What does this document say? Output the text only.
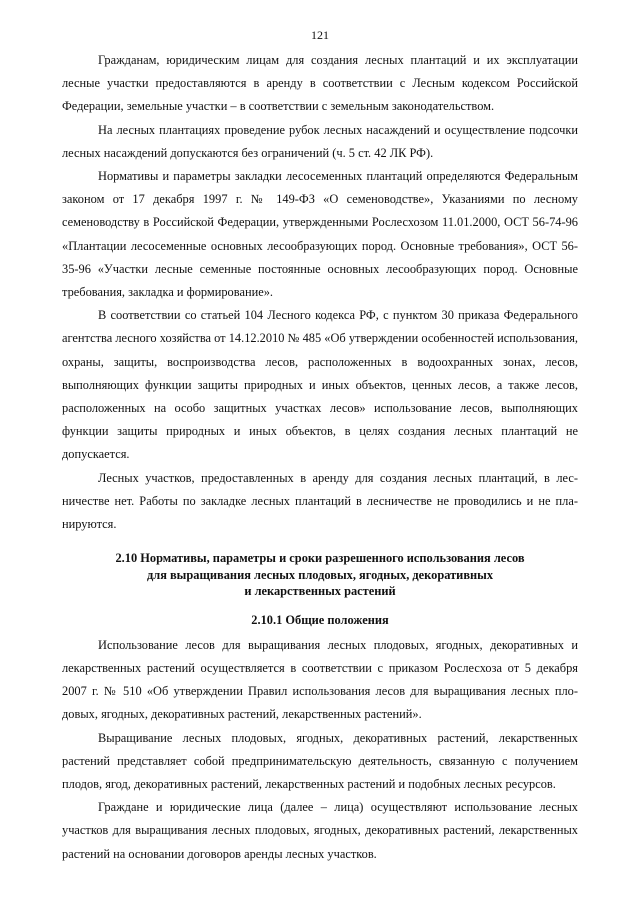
121

Гражданам, юридическим лицам для создания лесных плантаций и их эксплуатации лесные участки предоставляются в аренду в соответствии с Лесным кодексом Российской Федерации, земельные участки – в соответствии с земельным законодательством.

На лесных плантациях проведение рубок лесных насаждений и осуществление подсочки лесных насаждений допускаются без ограничений (ч. 5 ст. 42 ЛК РФ).

Нормативы и параметры закладки лесосеменных плантаций определяются Федеральным законом от 17 декабря 1997 г. № 149-ФЗ «О семеноводстве», Указаниями по лесному семеноводству в Российской Федерации, утвержденными Рослесхозом 11.01.2000, ОСТ 56-74-96 «Плантации лесосеменные основных лесообразующих пород. Основные требования», ОСТ 56-35-96 «Участки лесные семенные постоянные основных лесообразующих пород. Основные требования, закладка и формирование».

В соответствии со статьей 104 Лесного кодекса РФ, с пунктом 30 приказа Федерального агентства лесного хозяйства от 14.12.2010 № 485 «Об утверждении особенностей использования, охраны, защиты, воспроизводства лесов, расположенных в водоохранных зонах, лесов, выполняющих функции защиты природных и иных объектов, ценных лесов, а также лесов, расположенных на особо защитных участках лесов» использование лесов, выполняющих функции защиты природных и иных объектов, в целях создания лесных плантаций не допускается.

Лесных участков, предоставленных в аренду для создания лесных плантаций, в лесничестве нет. Работы по закладке лесных плантаций в лесничестве не проводились и не планируются.

2.10 Нормативы, параметры и сроки разрешенного использования лесов
для выращивания лесных плодовых, ягодных, декоративных
и лекарственных растений
2.10.1 Общие положения

Использование лесов для выращивания лесных плодовых, ягодных, декоративных и лекарственных растений осуществляется в соответствии с приказом Рослесхоза от 5 декабря 2007 г. № 510 «Об утверждении Правил использования лесов для выращивания лесных плодовых, ягодных, декоративных растений, лекарственных растений».

Выращивание лесных плодовых, ягодных, декоративных растений, лекарственных растений представляет собой предпринимательскую деятельность, связанную с получением плодов, ягод, декоративных растений, лекарственных растений и подобных лесных ресурсов.

Граждане и юридические лица (далее – лица) осуществляют использование лесных участков для выращивания лесных плодовых, ягодных, декоративных растений, лекарственных растений на основании договоров аренды лесных участков.
